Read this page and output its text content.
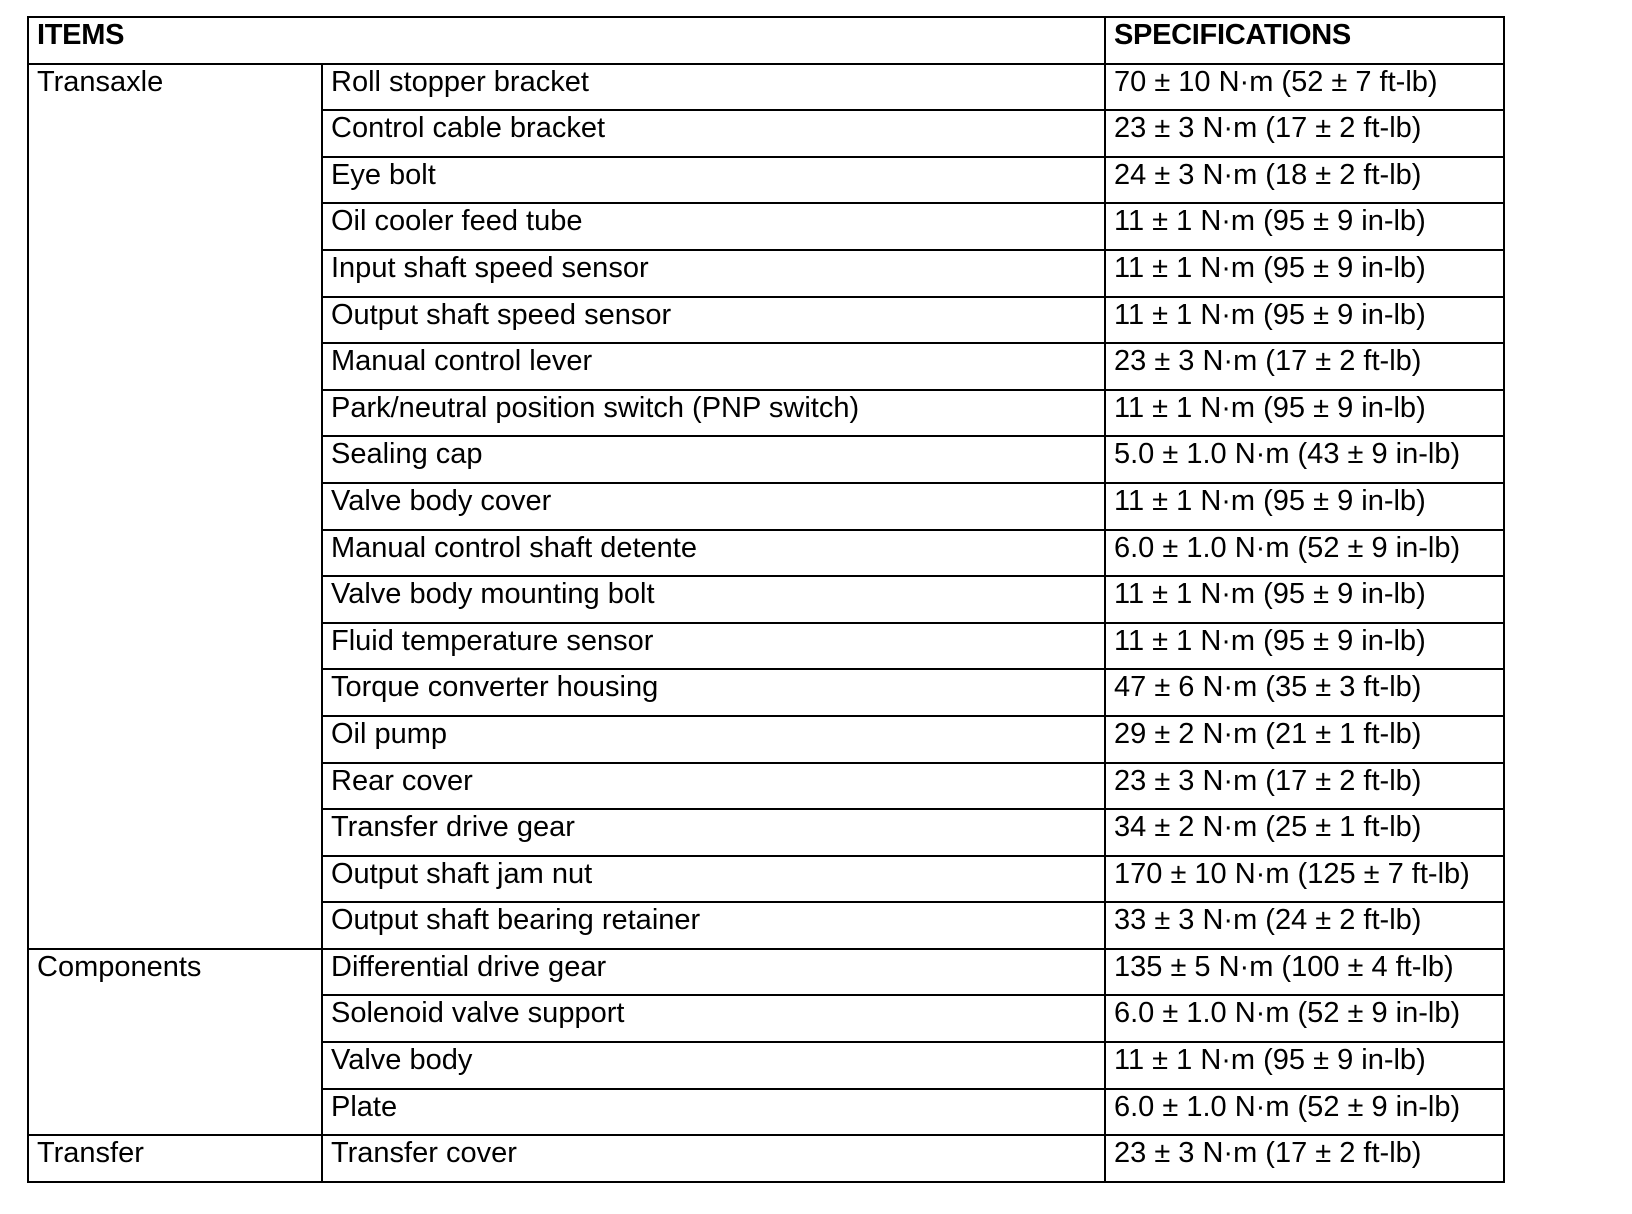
ITEMS		SPECIFICATIONS
Transaxle	Roll stopper bracket	70 ± 10 N·m (52 ± 7 ft-lb)
	Control cable bracket	23 ± 3 N·m (17 ± 2 ft-lb)
	Eye bolt	24 ± 3 N·m (18 ± 2 ft-lb)
	Oil cooler feed tube	11 ± 1 N·m (95 ± 9 in-lb)
	Input shaft speed sensor	11 ± 1 N·m (95 ± 9 in-lb)
	Output shaft speed sensor	11 ± 1 N·m (95 ± 9 in-lb)
	Manual control lever	23 ± 3 N·m (17 ± 2 ft-lb)
	Park/neutral position switch (PNP switch)	11 ± 1 N·m (95 ± 9 in-lb)
	Sealing cap	5.0 ± 1.0 N·m (43 ± 9 in-lb)
	Valve body cover	11 ± 1 N·m (95 ± 9 in-lb)
	Manual control shaft detente	6.0 ± 1.0 N·m (52 ± 9 in-lb)
	Valve body mounting bolt	11 ± 1 N·m (95 ± 9 in-lb)
	Fluid temperature sensor	11 ± 1 N·m (95 ± 9 in-lb)
	Torque converter housing	47 ± 6 N·m (35 ± 3 ft-lb)
	Oil pump	29 ± 2 N·m (21 ± 1 ft-lb)
	Rear cover	23 ± 3 N·m (17 ± 2 ft-lb)
	Transfer drive gear	34 ± 2 N·m (25 ± 1 ft-lb)
	Output shaft jam nut	170 ± 10 N·m (125 ± 7 ft-lb)
	Output shaft bearing retainer	33 ± 3 N·m (24 ± 2 ft-lb)
Components	Differential drive gear	135 ± 5 N·m (100 ± 4 ft-lb)
	Solenoid valve support	6.0 ± 1.0 N·m (52 ± 9 in-lb)
	Valve body	11 ± 1 N·m (95 ± 9 in-lb)
	Plate	6.0 ± 1.0 N·m (52 ± 9 in-lb)
Transfer	Transfer cover	23 ± 3 N·m (17 ± 2 ft-lb)
